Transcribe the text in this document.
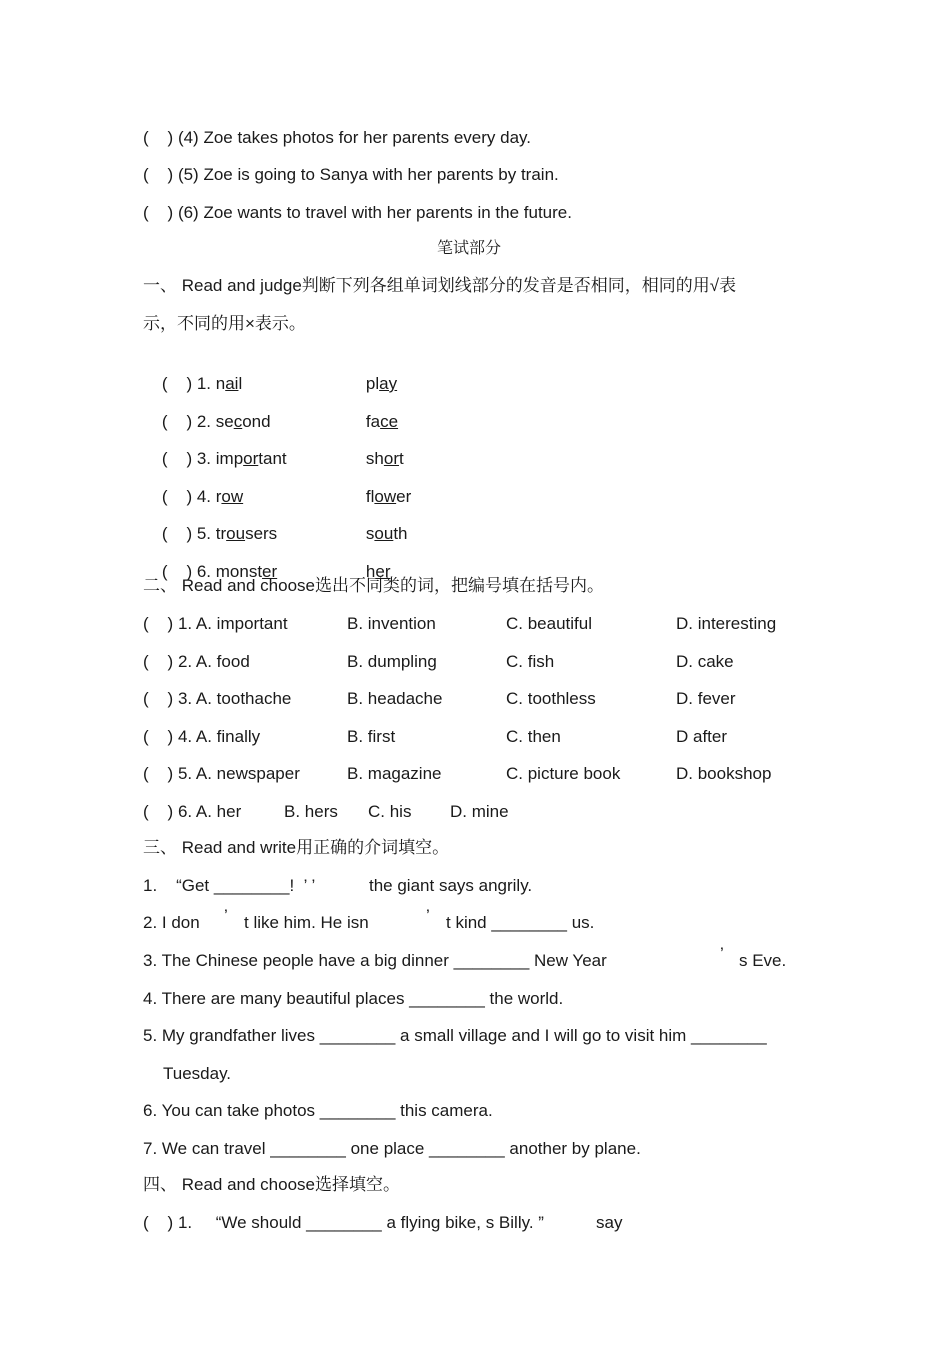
(    ) (4) Zoe takes photos for her parents every day.
(    ) (5) Zoe is going to Sanya with her parents by train.
(    ) (6) Zoe wants to travel with her parents in the future.
笔试部分
一、 Read and judge判断下列各组单词划线部分的发音是否相同，相同的用√表
示，不同的用×表示。

(    ) 1. nail
	play

(    ) 2. second
	face

(    ) 3. important
	short

(    ) 4. row
	flower

(    ) 5. trousers
	south

(    ) 6. monster
	her

二、 Read and choose选出不同类的词，把编号填在括号内。
(    ) 1. A. important	B. invention	C. beautiful	D. interesting
(    ) 2. A. food	B. dumpling	C. fish	D. cake
(    ) 3. A. toothache	B. headache	C. toothless	D. fever
(    ) 4. A. finally	B. first	C. then	D after
(    ) 5. A. newspaper	B. magazine	C. picture book	D. bookshop
(    ) 6. A. her	B. hers C. his D. mine
三、 Read and write用正确的介词填空。
1.    “Get ________!  ’ ’	the giant says angrily.
2. I don ’ t like him. He isn	’ t kind ________ us.
3. The Chinese people have a big dinner ________ New Year	’ s Eve.
4. There are many beautiful places ________ the world.
5. My grandfather lives ________ a small village and I will go to visit him ________
Tuesday.
6. You can take photos ________ this camera.
7. We can travel ________ one place ________ another by plane.
四、 Read and choose选择填空。
(    ) 1.     “We should ________ a flying bike, s Billy. ”	say
